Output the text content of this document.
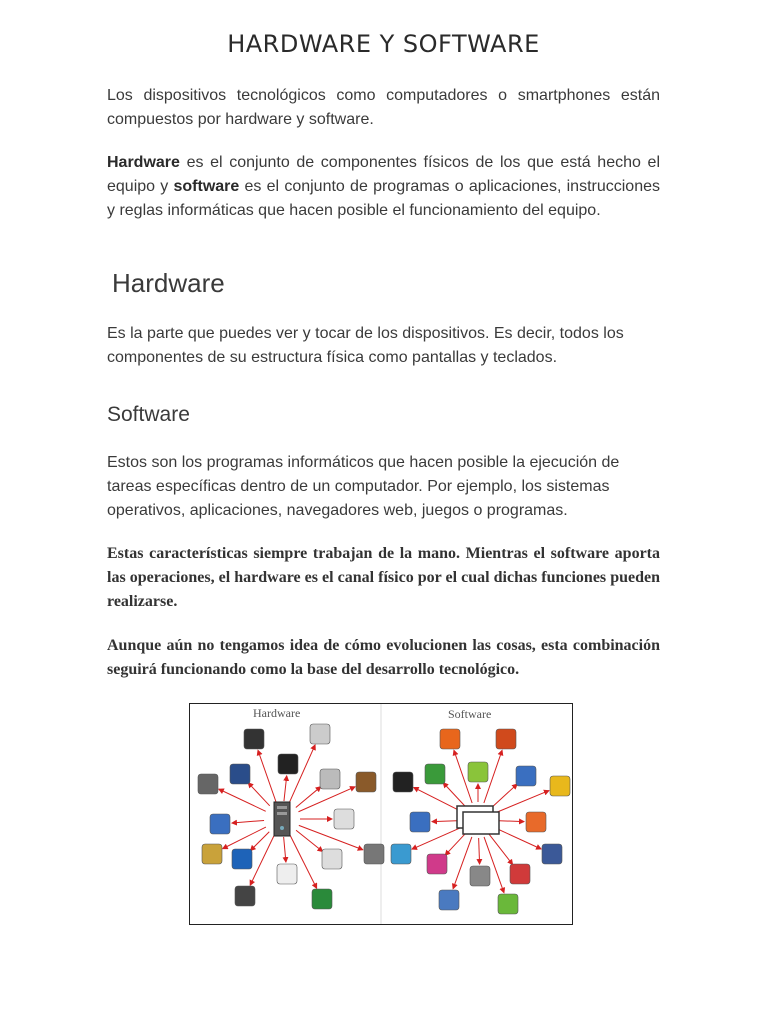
HARDWARE Y SOFTWARE

Los dispositivos tecnológicos como computadores o smartphones están compuestos por hardware y software.

Hardware es el conjunto de componentes físicos de los que está hecho el equipo y software es el conjunto de programas o aplicaciones, instrucciones y reglas informáticas que hacen posible el funcionamiento del equipo.

Hardware

Es la parte que puedes ver y tocar de los dispositivos. Es decir, todos los componentes de su estructura física como pantallas y teclados.

Software

Estos son los programas informáticos que hacen posible la ejecución de tareas específicas dentro de un computador. Por ejemplo, los sistemas operativos, aplicaciones, navegadores web, juegos o programas.

Estas características siempre trabajan de la mano. Mientras el software aporta las operaciones, el hardware es el canal físico por el cual dichas funciones pueden realizarse.

Aunque aún no tengamos idea de cómo evolucionen las cosas, esta combinación seguirá funcionando como la base del desarrollo tecnológico.

Hardware	Software
